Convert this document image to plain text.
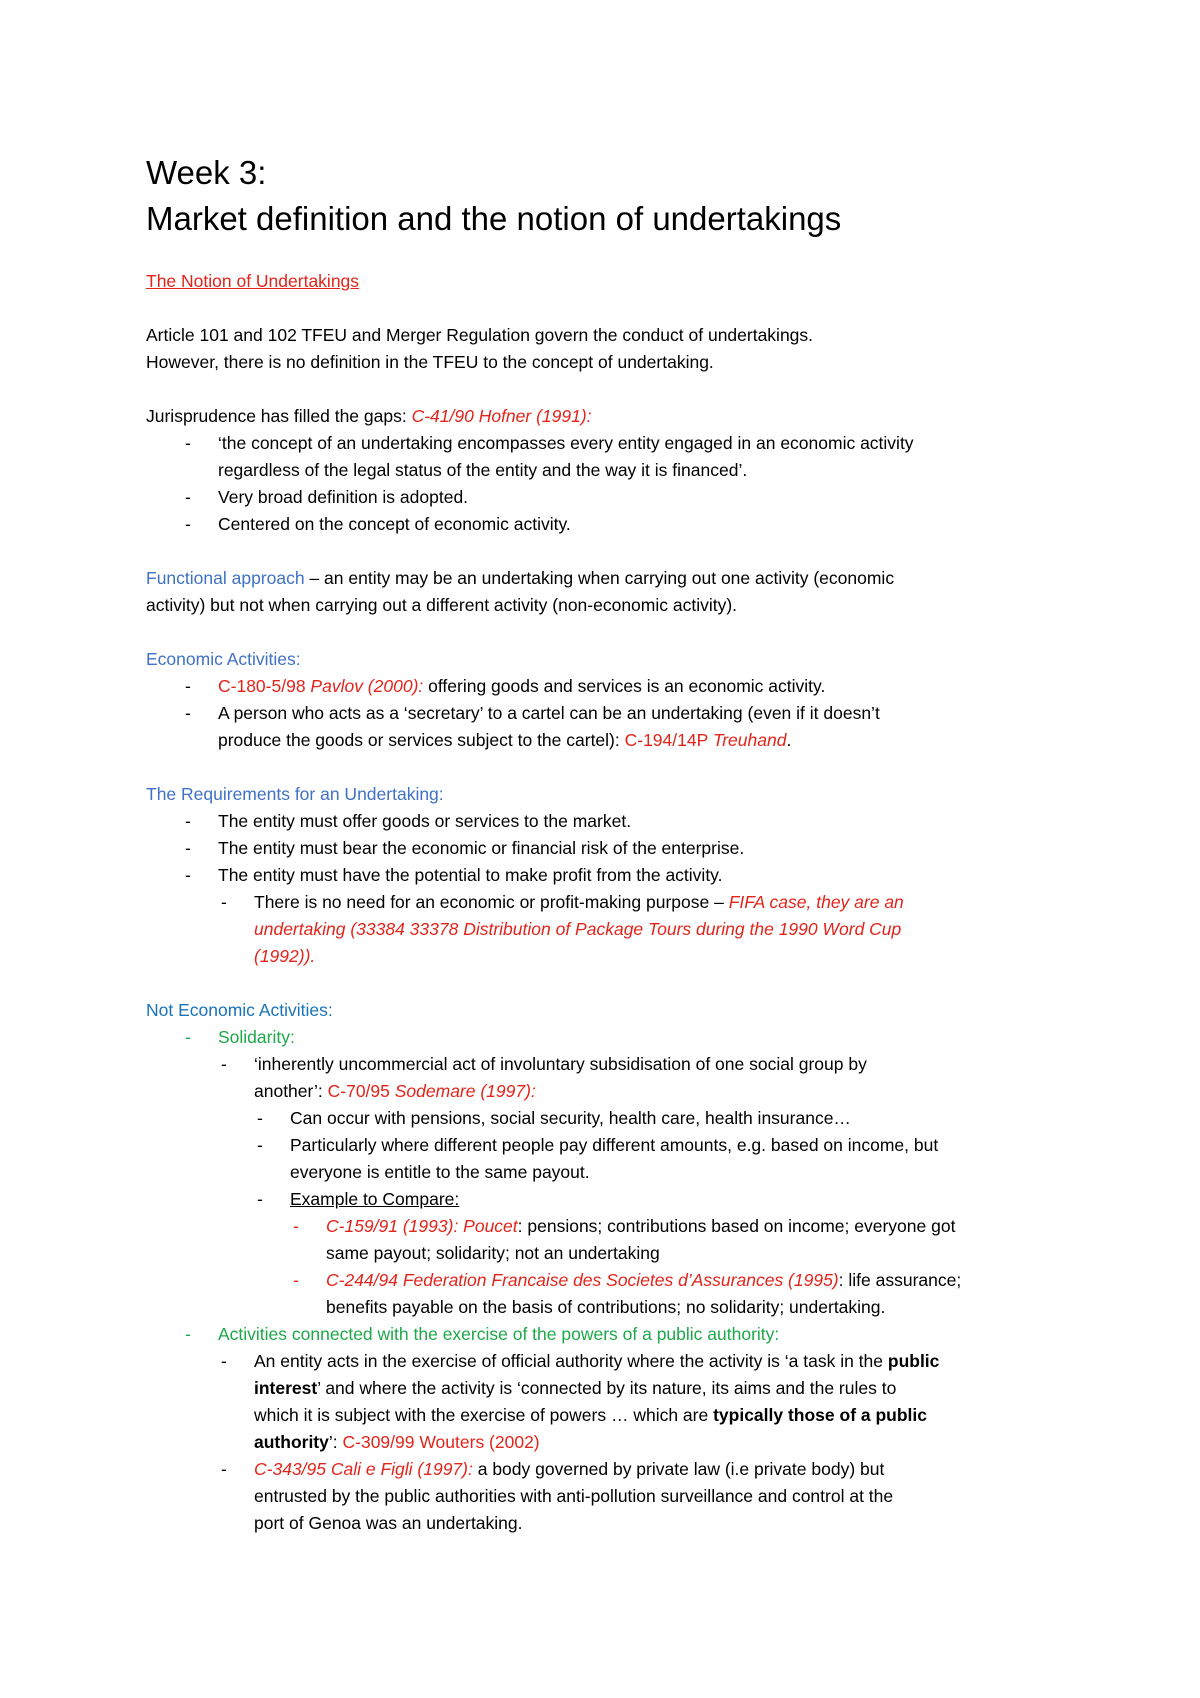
Week 3:
Market definition and the notion of undertakings

The Notion of Undertakings

Article 101 and 102 TFEU and Merger Regulation govern the conduct of undertakings.

However, there is no definition in the TFEU to the concept of undertaking.

Jurisprudence has filled the gaps: C-41/90 Hofner (1991):

- ‘the concept of an undertaking encompasses every entity engaged in an economic activity
regardless of the legal status of the entity and the way it is financed’.
- Very broad definition is adopted.
- Centered on the concept of economic activity.

Functional approach – an entity may be an undertaking when carrying out one activity (economic

activity) but not when carrying out a different activity (non-economic activity).

Economic Activities:

- C-180-5/98 Pavlov (2000): offering goods and services is an economic activity.
- A person who acts as a ‘secretary’ to a cartel can be an undertaking (even if it doesn’t
produce the goods or services subject to the cartel): C-194/14P Treuhand.

The Requirements for an Undertaking:

- The entity must offer goods or services to the market.
- The entity must bear the economic or financial risk of the enterprise.
- The entity must have the potential to make profit from the activity.
- There is no need for an economic or profit-making purpose – FIFA case, they are an
undertaking (33384 33378 Distribution of Package Tours during the 1990 Word Cup
(1992)).

Not Economic Activities:

- Solidarity:
- ‘inherently uncommercial act of involuntary subsidisation of one social group by
another’: C-70/95 Sodemare (1997):
- Can occur with pensions, social security, health care, health insurance…
- Particularly where different people pay different amounts, e.g. based on income, but
everyone is entitle to the same payout.
- Example to Compare:
- C-159/91 (1993): Poucet: pensions; contributions based on income; everyone got
same payout; solidarity; not an undertaking
- C-244/94 Federation Francaise des Societes d’Assurances (1995): life assurance;
benefits payable on the basis of contributions; no solidarity; undertaking.
- Activities connected with the exercise of the powers of a public authority:
- An entity acts in the exercise of official authority where the activity is ‘a task in the public
interest’ and where the activity is ‘connected by its nature, its aims and the rules to
which it is subject with the exercise of powers … which are typically those of a public
authority’: C-309/99 Wouters (2002)
- C-343/95 Cali e Figli (1997): a body governed by private law (i.e private body) but
entrusted by the public authorities with anti-pollution surveillance and control at the
port of Genoa was an undertaking.
